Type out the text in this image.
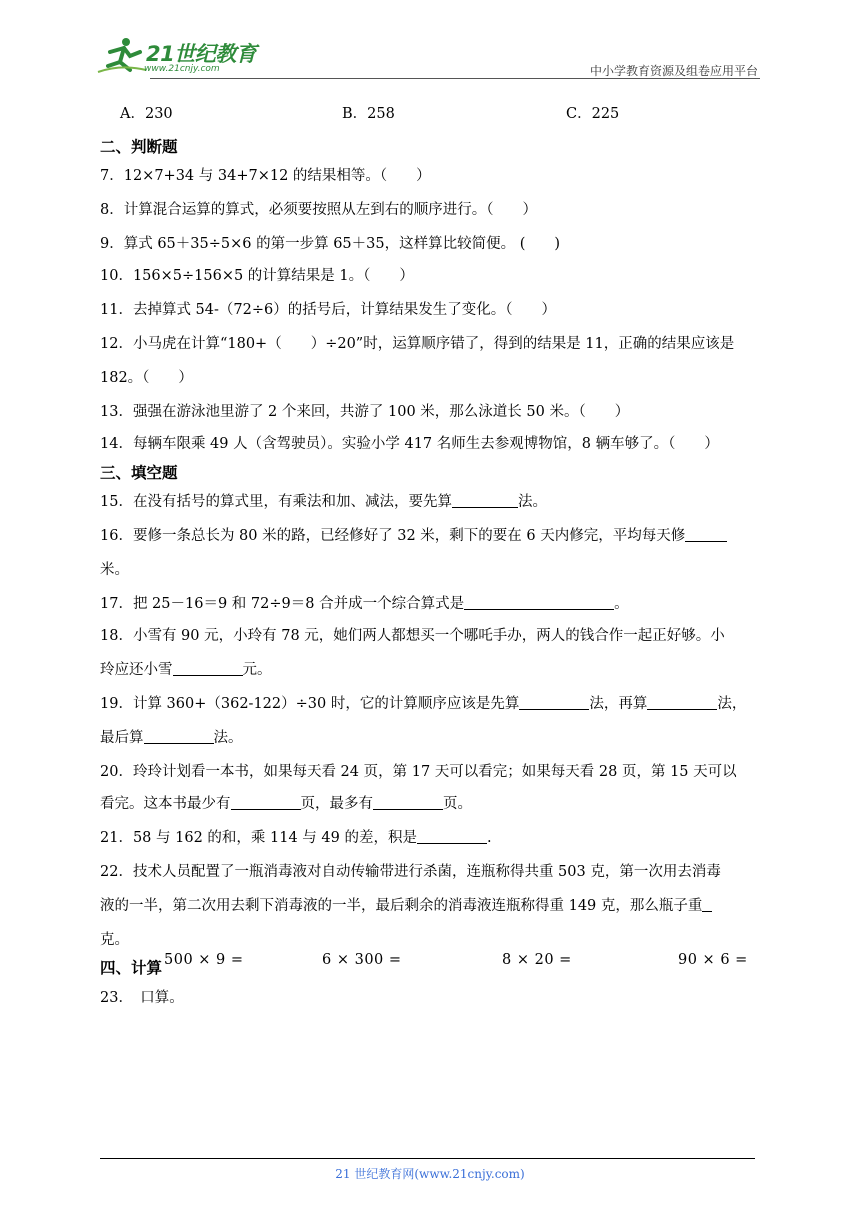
21世纪教育
www.21cnjy.com	中小学教育资源及组卷应用平台
A．230	B．258	C．225
二、判断题
7．12×7+34 与 34+7×12 的结果相等。（　　）
8．计算混合运算的算式，必须要按照从左到右的顺序进行。（　　）
9．算式 65＋35÷5×6 的第一步算 65＋35，这样算比较简便。 (　　)
10．156×5÷156×5 的计算结果是 1。（　　）
11．去掉算式 54-（72÷6）的括号后，计算结果发生了变化。（　　）
12．小马虎在计算“180+（　　）÷20”时，运算顺序错了，得到的结果是 11，正确的结果应该是
182。（　　）
13．强强在游泳池里游了 2 个来回，共游了 100 米，那么泳道长 50 米。（　　）
14．每辆车限乘 49 人（含驾驶员）。实验小学 417 名师生去参观博物馆，8 辆车够了。（　　）
三、填空题
15．在没有括号的算式里，有乘法和加、减法，要先算	法。
16．要修一条总长为 80 米的路，已经修好了 32 米，剩下的要在 6 天内修完，平均每天修
米。
17．把 25－16＝9 和 72÷9＝8 合并成一个综合算式是	。
18．小雪有 90 元，小玲有 78 元，她们两人都想买一个哪吒手办，两人的钱合作一起正好够。小
玲应还小雪	元。
19．计算 360+（362-122）÷30 时，它的计算顺序应该是先算	法，再算	法，
最后算	法。
20．玲玲计划看一本书，如果每天看 24 页，第 17 天可以看完；如果每天看 28 页，第 15 天可以
看完。这本书最少有	页，最多有	页。
21．58 与 162 的和，乘 114 与 49 的差，积是	.
22．技术人员配置了一瓶消毒液对自动传输带进行杀菌，连瓶称得共重 503 克，第一次用去消毒
液的一半，第二次用去剩下消毒液的一半，最后剩余的消毒液连瓶称得重 149 克，那么瓶子重
克。
四、计算
23．　口算。
500 × 9 =	6 × 300 =	8 × 20 =	90 × 6 =
21 世纪教育网(www.21cnjy.com)
